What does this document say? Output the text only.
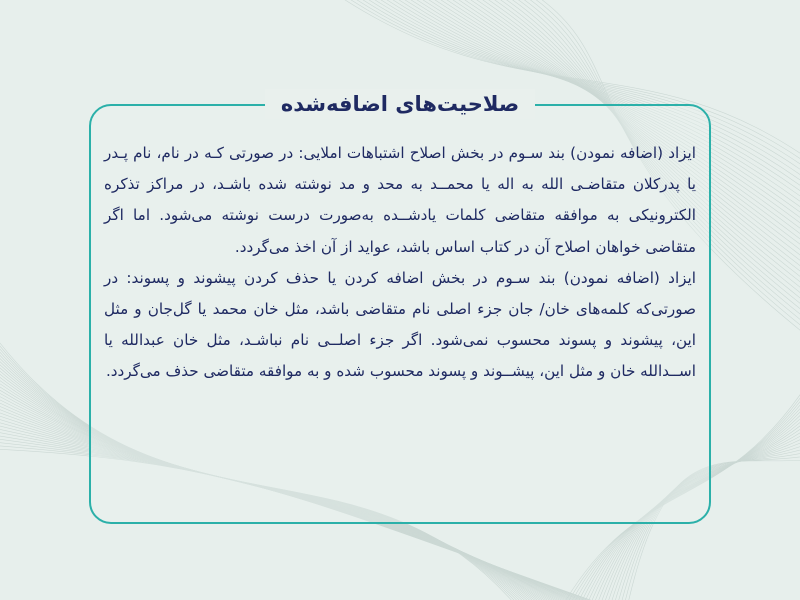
صلاحیت‌های اضافه‌شده

ایزاد (اضافه نمودن) بند سـوم در بخش اصلاح اشتباهات املایی: در صورتی کـه در نام، نام پـدر یا پدرکلان متقاضـی الله به اله یا محمــد به محد و مد نوشته شده باشـد، در مراکز تذکره الکترونیکی به موافقه متقاضی کلمات یادشــده به‌صورت درست نوشته می‌شود. اما اگر متقاضی خواهان اصلاح آن در کتاب اساس باشد، عواید از آن اخذ می‌گردد.

ایزاد (اضافه نمودن) بند سـوم در بخش اضافه کردن یا حذف کردن پیشوند و پسوند: در صورتی‌که کلمه‌های خان/ جان جزء اصلی نام متقاضی باشد، مثل خان محمد یا گل‌جان و مثل این، پیشوند و پسوند محسوب نمی‌شود. اگر جزء اصلــی نام نباشـد، مثل خان عبدالله یا اســدالله خان و مثل این، پیشــوند و پسوند محسوب شده و به موافقه متقاضی حذف می‌گردد.
